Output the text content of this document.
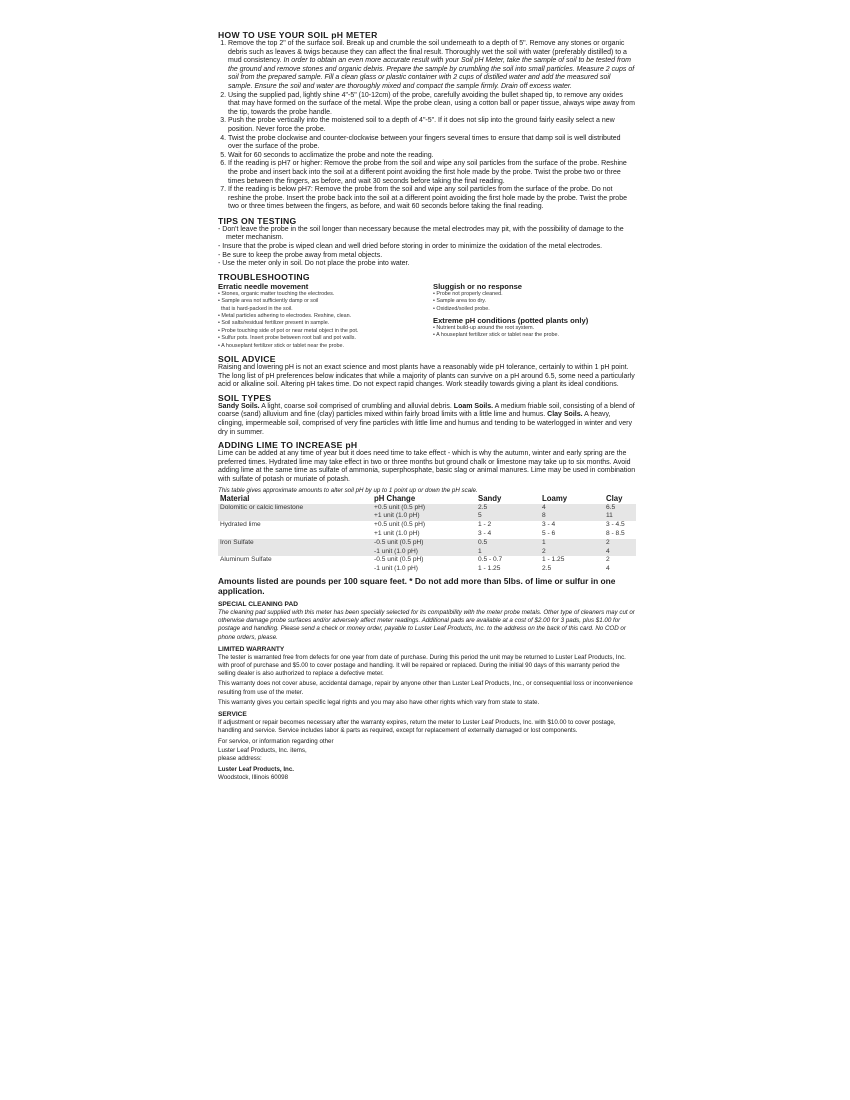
HOW TO USE YOUR SOIL pH METER

1. Remove the top 2" of the surface soil. Break up and crumble the soil underneath to a depth of 5". Remove any stones or organic debris such as leaves & twigs because they can affect the final result. Thoroughly wet the soil with water (preferably distilled) to a mud consistency. In order to obtain an even more accurate result with your Soil pH Meter, take the sample of soil to be tested from the ground and remove stones and organic debris. Prepare the sample by crumbling the soil into small particles. Measure 2 cups of soil from the prepared sample. Fill a clean glass or plastic container with 2 cups of distilled water and add the measured soil sample. Ensure the soil and water are thoroughly mixed and compact the sample firmly. Drain off excess water.
2. Using the supplied pad, lightly shine 4"-5" (10-12cm) of the probe, carefully avoiding the bullet shaped tip, to remove any oxides that may have formed on the surface of the metal. Wipe the probe clean, using a cotton ball or paper tissue, always wipe away from the tip, towards the probe handle.
3. Push the probe vertically into the moistened soil to a depth of 4"-5". If it does not slip into the ground fairly easily select a new position. Never force the probe.
4. Twist the probe clockwise and counter-clockwise between your fingers several times to ensure that damp soil is well distributed over the surface of the probe.
5. Wait for 60 seconds to acclimatize the probe and note the reading.
6. If the reading is pH7 or higher: Remove the probe from the soil and wipe any soil particles from the surface of the probe. Reshine the probe and insert back into the soil at a different point avoiding the first hole made by the probe. Twist the probe two or three times between the fingers, as before, and wait 30 seconds before taking the final reading.
7. If the reading is below pH7: Remove the probe from the soil and wipe any soil particles from the surface of the probe. Do not reshine the probe. Insert the probe back into the soil at a different point avoiding the first hole made by the probe. Twist the probe two or three times between the fingers, as before, and wait 60 seconds before taking the final reading.

TIPS ON TESTING

- Don't leave the probe in the soil longer than necessary because the metal electrodes may pit, with the possibility of damage to the meter mechanism.
- Insure that the probe is wiped clean and well dried before storing in order to minimize the oxidation of the metal electrodes.
- Be sure to keep the probe away from metal objects.
- Use the meter only in soil. Do not place the probe into water.

TROUBLESHOOTING

Erratic needle movement

• Stones, organic matter touching the electrodes.
• Sample area not sufficiently damp or soil
that is hard-packed in the soil.
• Metal particles adhering to electrodes. Reshine, clean.
• Soil salts/residual fertilizer present in sample.
• Probe touching side of pot or near metal object in the pot.
• Sulfur pots. Insert probe between root ball and pot walls.
• A houseplant fertilizer stick or tablet near the probe.

Sluggish or no response

• Probe not properly cleaned.
• Sample area too dry.
• Oxidized/soiled probe.

Extreme pH conditions (potted plants only)

• Nutrient build-up around the root system.
• A houseplant fertilizer stick or tablet near the probe.

SOIL ADVICE

Raising and lowering pH is not an exact science and most plants have a reasonably wide pH tolerance, certainly to within 1 pH point. The long list of pH preferences below indicates that while a majority of plants can survive on a pH around 6.5, some need a particularly acid or alkaline soil. Altering pH takes time. Do not expect rapid changes. Work steadily towards giving a plant its ideal conditions.

SOIL TYPES

Sandy Soils. A light, coarse soil comprised of crumbling and alluvial debris. Loam Soils. A medium friable soil, consisting of a blend of coarse (sand) alluvium and fine (clay) particles mixed within fairly broad limits with a little lime and humus. Clay Soils. A heavy, clinging, impermeable soil, comprised of very fine particles with little lime and humus and tending to be waterlogged in winter and very dry in summer.

ADDING LIME TO INCREASE pH

Lime can be added at any time of year but it does need time to take effect - which is why the autumn, winter and early spring are the preferred times. Hydrated lime may take effect in two or three months but ground chalk or limestone may take up to six months. Avoid adding lime at the same time as sulfate of ammonia, superphosphate, basic slag or animal manures. Lime may be used in combination with sulfate of potash or muriate of potash.

This table gives approximate amounts to alter soil pH by up to 1 point up or down the pH scale.

Material	pH Change	Sandy	Loamy	Clay
Dolomitic or calcic limestone	+0.5 unit (0.5 pH)	2.5	4	6.5
	+1 unit (1.0 pH)	5	8	11
Hydrated lime	+0.5 unit (0.5 pH)	1 - 2	3 - 4	3 - 4.5
	+1 unit (1.0 pH)	3 - 4	5 - 6	8 - 8.5
Iron Sulfate	-0.5 unit (0.5 pH)	0.5	1	2
	-1 unit (1.0 pH)	1	2	4
Aluminum Sulfate	-0.5 unit (0.5 pH)	0.5 - 0.7	1 - 1.25	2
	-1 unit (1.0 pH)	1 - 1.25	2.5	4

Amounts listed are pounds per 100 square feet. * Do not add more than 5lbs. of lime or sulfur in one application.

SPECIAL CLEANING PAD

The cleaning pad supplied with this meter has been specially selected for its compatibility with the meter probe metals. Other type of cleaners may cut or otherwise damage probe surfaces and/or adversely affect meter readings. Additional pads are available at a cost of $2.00 for 3 pads, plus $1.00 for postage and handling. Please send a check or money order, payable to Luster Leaf Products, Inc. to the address on the back of this card. No COD or phone orders, please.

LIMITED WARRANTY

The tester is warranted free from defects for one year from date of purchase. During this period the unit may be returned to Luster Leaf Products, Inc. with proof of purchase and $5.00 to cover postage and handling. It will be repaired or replaced. During the initial 90 days of this warranty period the selling dealer is also authorized to replace a defective meter.

This warranty does not cover abuse, accidental damage, repair by anyone other than Luster Leaf Products, Inc., or consequential loss or inconvenience resulting from use of the meter.

This warranty gives you certain specific legal rights and you may also have other rights which vary from state to state.

SERVICE

If adjustment or repair becomes necessary after the warranty expires, return the meter to Luster Leaf Products, Inc. with $10.00 to cover postage, handling and service. Service includes labor & parts as required, except for replacement of externally damaged or lost components.

For service, or information regarding other

Luster Leaf Products, Inc. items,

please address:

Luster Leaf Products, Inc.

Woodstock, Illinois 60098
